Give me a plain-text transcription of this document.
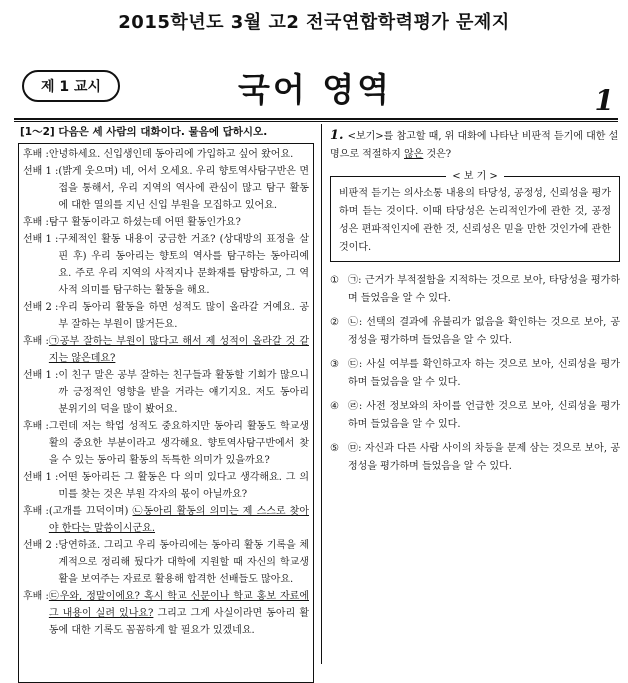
2015학년도 3월 고2 전국연합학력평가 문제지
제 1 교시	국어 영역	1
[1～2] 다음은 세 사람의 대화이다. 물음에 답하시오.
후배 : 안녕하세요. 신입생인데 동아리에 가입하고 싶어 왔어요.
선배 1 : (밝게 웃으며) 네, 어서 오세요. 우리 향토역사탐구반은 면접을 통해서, 우리 지역의 역사에 관심이 많고 탐구 활동에 대한 열의를 지닌 신입 부원을 모집하고 있어요.
후배 : 탐구 활동이라고 하셨는데 어떤 활동인가요?
선배 1 : 구체적인 활동 내용이 궁금한 거죠? (상대방의 표정을 살핀 후) 우리 동아리는 향토의 역사를 탐구하는 동아리예요. 주로 우리 지역의 사적지나 문화재를 탐방하고, 그 역사적 의미를 탐구하는 활동을 해요.
선배 2 : 우리 동아리 활동을 하면 성적도 많이 올라갈 거예요. 공부 잘하는 부원이 많거든요.
후배 : ㉠공부 잘하는 부원이 많다고 해서 제 성적이 올라갈 것 같지는 않은데요?
선배 1 : 이 친구 말은 공부 잘하는 친구들과 활동할 기회가 많으니까 긍정적인 영향을 받을 거라는 얘기지요. 저도 동아리 분위기의 덕을 많이 봤어요.
후배 : 그런데 저는 학업 성적도 중요하지만 동아리 활동도 학교생활의 중요한 부분이라고 생각해요. 향토역사탐구반에서 찾을 수 있는 동아리 활동의 독특한 의미가 있을까요?
선배 1 : 어떤 동아리든 그 활동은 다 의미 있다고 생각해요. 그 의미를 찾는 것은 부원 각자의 몫이 아닐까요?
후배 : (고개를 끄덕이며) ㉡동아리 활동의 의미는 제 스스로 찾아야 한다는 말씀이시군요.
선배 2 : 당연하죠. 그리고 우리 동아리에는 동아리 활동 기록을 체계적으로 정리해 뒀다가 대학에 지원할 때 자신의 학교생활을 보여주는 자료로 활용해 합격한 선배들도 많아요.
후배 : ㉢우와, 정말이에요? 혹시 학교 신문이나 학교 홍보 자료에 그 내용이 실려 있나요? 그리고 그게 사실이라면 동아리 활동에 대한 기록도 꼼꼼하게 할 필요가 있겠네요.
1. <보기>를 참고할 때, 위 대화에 나타난 비판적 듣기에 대한 설명으로 적절하지 않은 것은?
< 보 기 >
비판적 듣기는 의사소통 내용의 타당성, 공정성, 신뢰성을 평가하며 듣는 것이다. 이때 타당성은 논리적인가에 관한 것, 공정성은 편파적인지에 관한 것, 신뢰성은 믿을 만한 것인가에 관한 것이다.
① ㉠: 근거가 부적절함을 지적하는 것으로 보아, 타당성을 평가하며 들었음을 알 수 있다.
② ㉡: 선택의 결과에 유불리가 없음을 확인하는 것으로 보아, 공정성을 평가하며 들었음을 알 수 있다.
③ ㉢: 사실 여부를 확인하고자 하는 것으로 보아, 신뢰성을 평가하며 들었음을 알 수 있다.
④ ㉣: 사전 정보와의 차이를 언급한 것으로 보아, 신뢰성을 평가하며 들었음을 알 수 있다.
⑤ ㉤: 자신과 다른 사람 사이의 차등을 문제 삼는 것으로 보아, 공정성을 평가하며 들었음을 알 수 있다.
